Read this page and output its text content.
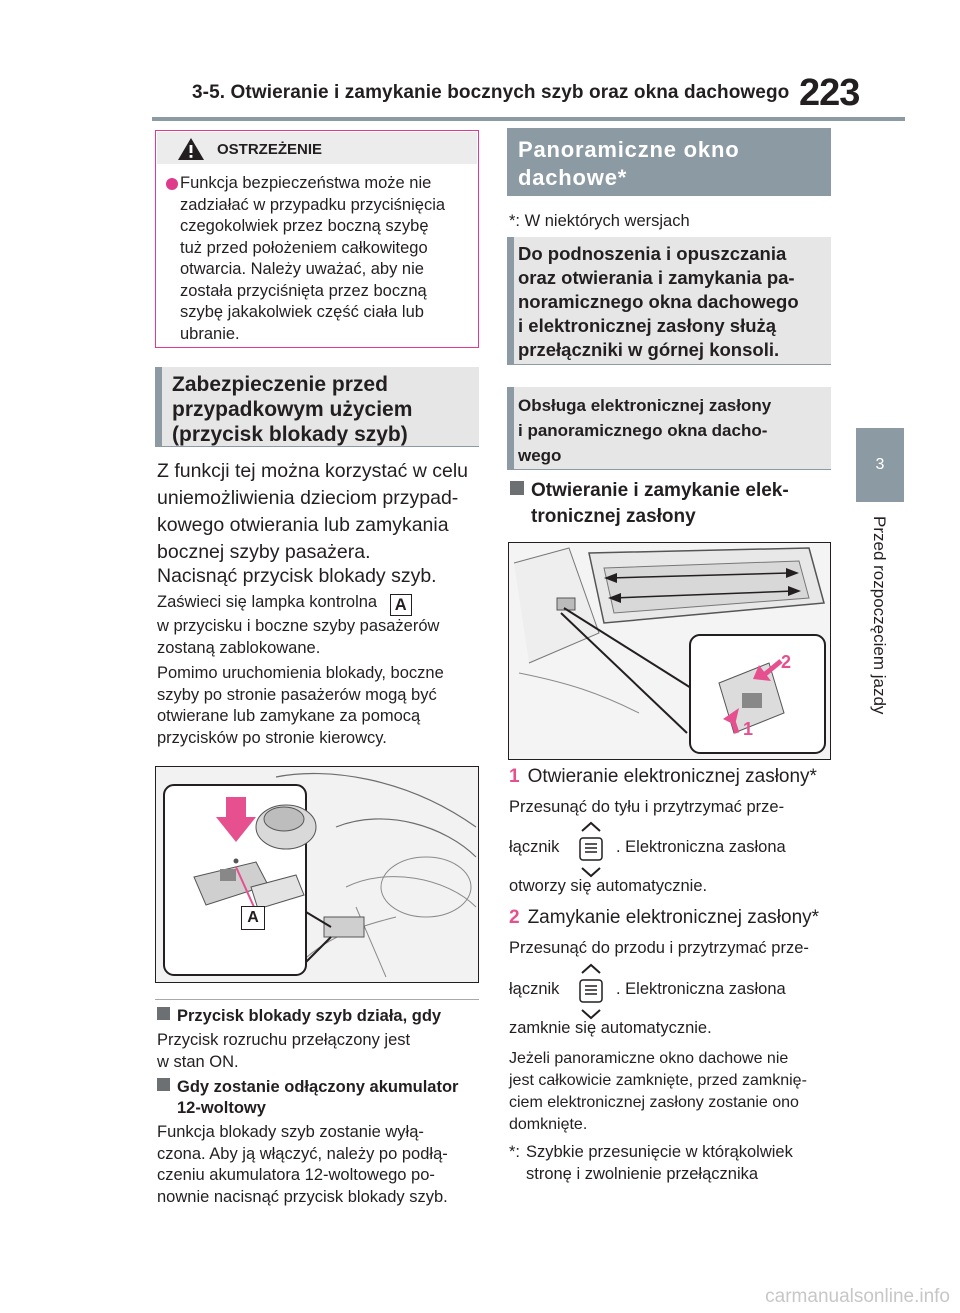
3-5. Otwieranie i zamykanie bocznych szyb oraz okna dachowego 223
3
Przed rozpoczęciem jazdy
OSTRZEŻENIE
Funkcja bezpieczeństwa może nie
zadziałać w przypadku przyciśnięcia
czegokolwiek przez boczną szybę
tuż przed położeniem całkowitego
otwarcia. Należy uważać, aby nie
została przyciśnięta przez boczną
szybę jakakolwiek część ciała lub
ubranie.
Zabezpieczenie przed
przypadkowym użyciem
(przycisk blokady szyb)
Z funkcji tej można korzystać w celu
uniemożliwienia dzieciom przypad-
kowego otwierania lub zamykania
bocznej szyby pasażera.
Nacisnąć przycisk blokady szyb.
Zaświeci się lampka kontrolna A
w przycisku i boczne szyby pasażerów
zostaną zablokowane.
Pomimo uruchomienia blokady, boczne
szyby po stronie pasażerów mogą być
otwierane lub zamykane za pomocą
przycisków po stronie kierowcy.
A
Przycisk blokady szyb działa, gdy
Przycisk rozruchu przełączony jest
w stan ON.
Gdy zostanie odłączony akumulator
12-woltowy
Funkcja blokady szyb zostanie wyłą-
czona. Aby ją włączyć, należy po podłą-
czeniu akumulatora 12-woltowego po-
nownie nacisnąć przycisk blokady szyb.
Panoramiczne okno
dachowe*
*: W niektórych wersjach
Do podnoszenia i opuszczania
oraz otwierania i zamykania pa-
noramicznego okna dachowego
i elektronicznej zasłony służą
przełączniki w górnej konsoli.
Obsługa elektronicznej zasłony
i panoramicznego okna dacho-
wego
Otwieranie i zamykanie elek-
tronicznej zasłony
2
1
1 Otwieranie elektronicznej zasłony*
Przesunąć do tyłu i przytrzymać prze-
łącznik	. Elektroniczna zasłona
otworzy się automatycznie.
2 Zamykanie elektronicznej zasłony*
Przesunąć do przodu i przytrzymać prze-
łącznik	. Elektroniczna zasłona
zamknie się automatycznie.
Jeżeli panoramiczne okno dachowe nie
jest całkowicie zamknięte, przed zamknię-
ciem elektronicznej zasłony zostanie ono
domknięte.
*: Szybkie przesunięcie w którąkolwiek
stronę i zwolnienie przełącznika
carmanualsonline.info
